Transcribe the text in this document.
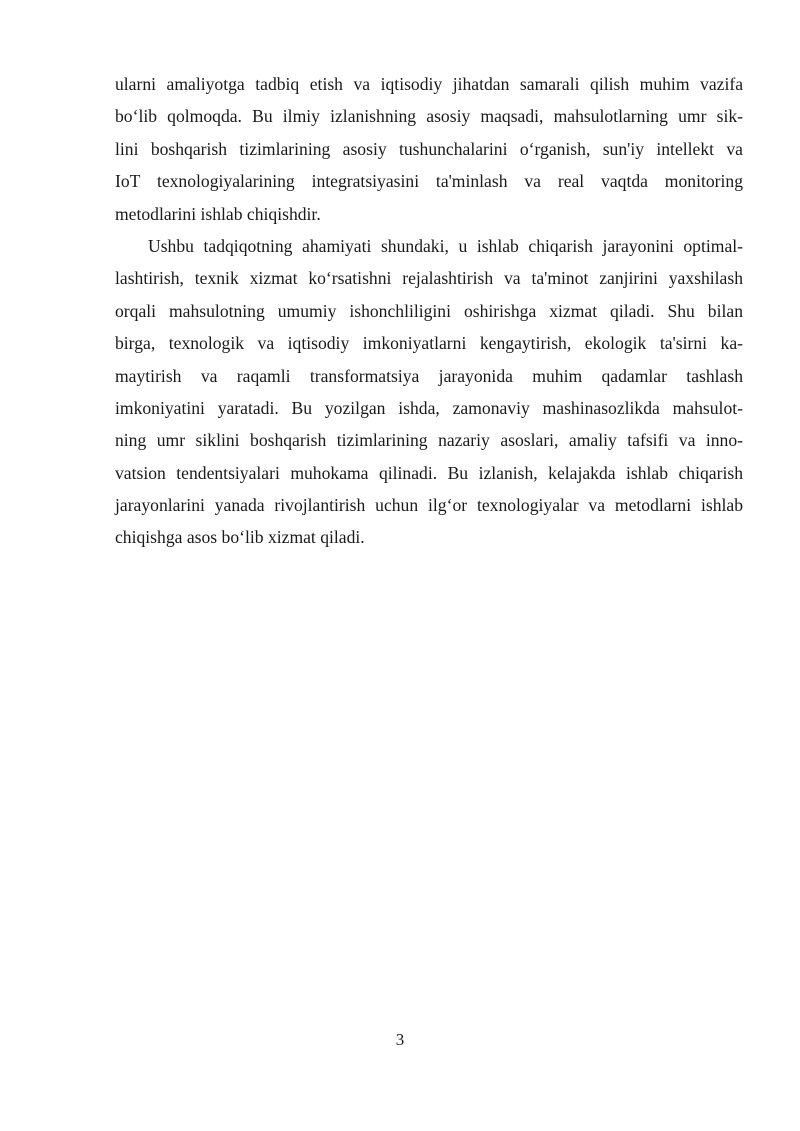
ularni amaliyotga tadbiq etish va iqtisodiy jihatdan samarali qilish muhim vazifa
bo‘lib qolmoqda. Bu ilmiy izlanishning asosiy maqsadi, mahsulotlarning umr sik-
lini boshqarish tizimlarining asosiy tushunchalarini o‘rganish, sun'iy intellekt va
IoT texnologiyalarining integratsiyasini ta'minlash va real vaqtda monitoring
metodlarini ishlab chiqishdir.
Ushbu tadqiqotning ahamiyati shundaki, u ishlab chiqarish jarayonini optimal-
lashtirish, texnik xizmat ko‘rsatishni rejalashtirish va ta'minot zanjirini yaxshilash
orqali mahsulotning umumiy ishonchliligini oshirishga xizmat qiladi. Shu bilan
birga, texnologik va iqtisodiy imkoniyatlarni kengaytirish, ekologik ta'sirni ka-
maytirish va raqamli transformatsiya jarayonida muhim qadamlar tashlash
imkoniyatini yaratadi. Bu yozilgan ishda, zamonaviy mashinasozlikda mahsulot-
ning umr siklini boshqarish tizimlarining nazariy asoslari, amaliy tafsifi va inno-
vatsion tendentsiyalari muhokama qilinadi. Bu izlanish, kelajakda ishlab chiqarish
jarayonlarini yanada rivojlantirish uchun ilg‘or texnologiyalar va metodlarni ishlab
chiqishga asos bo‘lib xizmat qiladi.
3
